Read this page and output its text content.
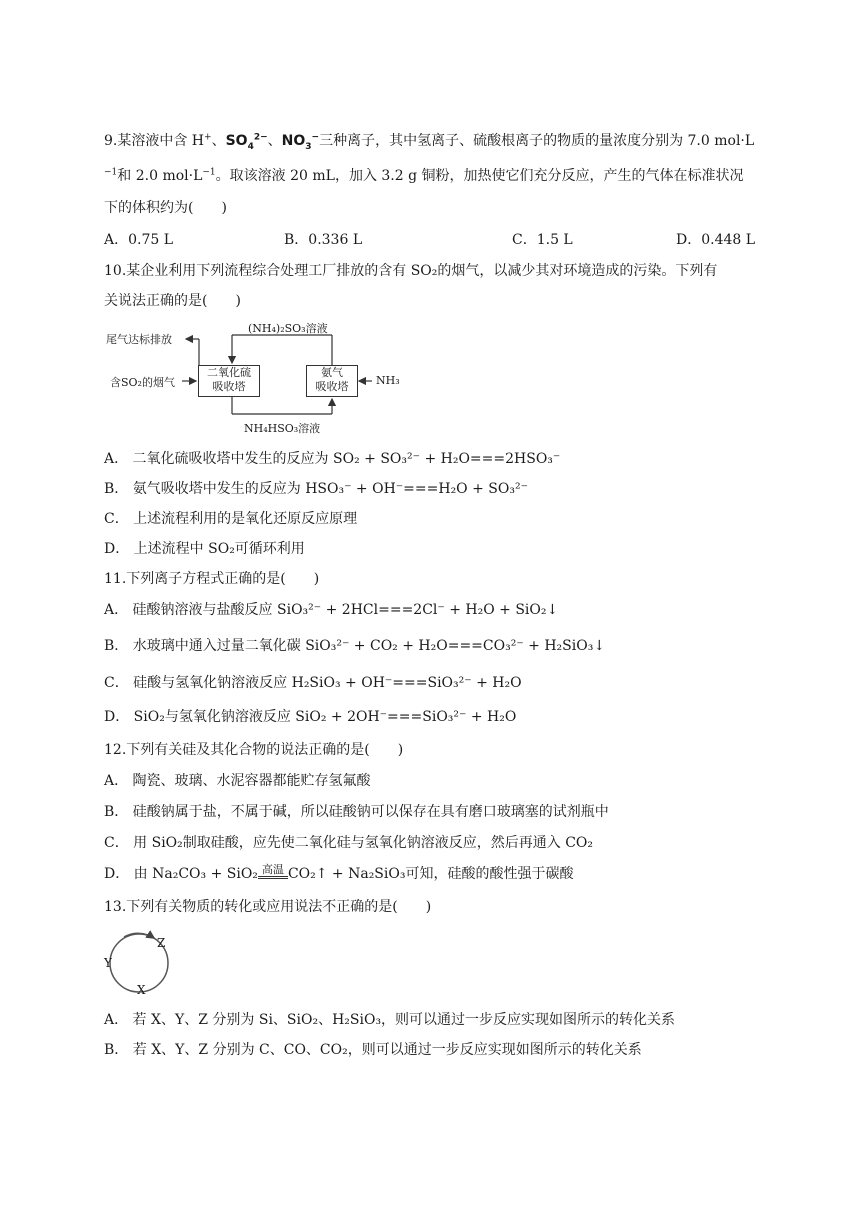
9.某溶液中含 H+、$SO_4^{2-}$、$NO_3^-$三种离子，其中氢离子、硫酸根离子的物质的量浓度分别为 7.0 mol·L
$^{-1}$和 2.0 $mol\cdot L^{-1}$。取该溶液 20 mL，加入 3.2 g 铜粉，加热使它们充分反应，产生的气体在标准状况
下的体积约为(　　)
A．0.75 L	B．0.336 L	C．1.5 L	D．0.448 L
10.某企业利用下列流程综合处理工厂排放的含有 SO₂的烟气，以减少其对环境造成的污染。下列有
关说法正确的是(　　)
尾气达标排放
(NH₄)₂SO₃溶液
二氧化硫
吸收塔
氨气
吸收塔
含SO₂的烟气	NH₃
NH₄HSO₃溶液
A． 二氧化硫吸收塔中发生的反应为 SO₂ + SO₃²⁻ + H₂O===2HSO₃⁻
B． 氨气吸收塔中发生的反应为 HSO₃⁻ + OH⁻===H₂O + SO₃²⁻
C． 上述流程利用的是氧化还原反应原理
D． 上述流程中 SO₂可循环利用
11.下列离子方程式正确的是(　　)
A． 硅酸钠溶液与盐酸反应 SiO₃²⁻ + 2HCl===2Cl⁻ + H₂O + SiO₂↓
B． 水玻璃中通入过量二氧化碳 SiO₃²⁻ + CO₂ + H₂O===CO₃²⁻ + H₂SiO₃↓
C． 硅酸与氢氧化钠溶液反应 H₂SiO₃ + OH⁻===SiO₃²⁻ + H₂O
D． SiO₂与氢氧化钠溶液反应 SiO₂ + 2OH⁻===SiO₃²⁻ + H₂O
12.下列有关硅及其化合物的说法正确的是(　　)
A． 陶瓷、玻璃、水泥容器都能贮存氢氟酸
B． 硅酸钠属于盐，不属于碱，所以硅酸钠可以保存在具有磨口玻璃塞的试剂瓶中
C． 用 SiO₂制取硅酸，应先使二氧化硅与氢氧化钠溶液反应，然后再通入 CO₂
D． 由 Na₂CO₃ + SiO₂ 高温 CO₂↑ + Na₂SiO₃可知，硅酸的酸性强于碳酸
13.下列有关物质的转化或应用说法不正确的是(　　)
Z
Y
X
A． 若 X、Y、Z 分别为 Si、SiO₂、H₂SiO₃，则可以通过一步反应实现如图所示的转化关系
B． 若 X、Y、Z 分别为 C、CO、CO₂，则可以通过一步反应实现如图所示的转化关系
